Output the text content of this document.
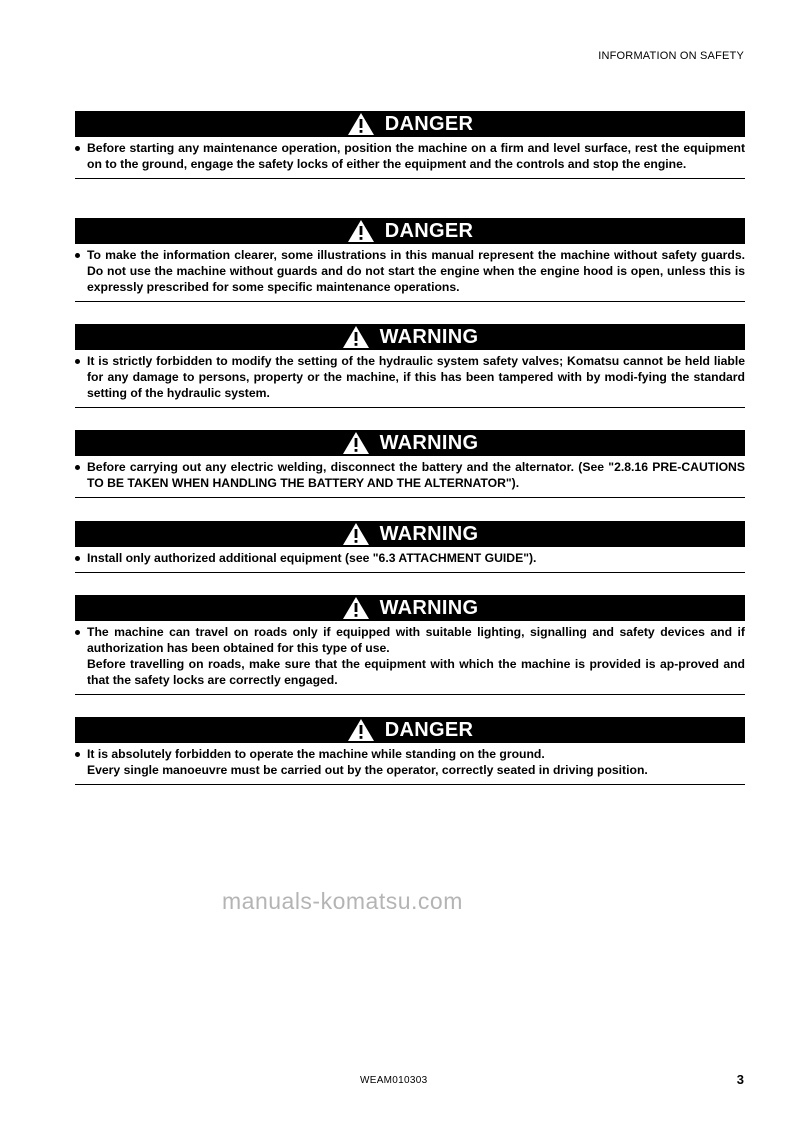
INFORMATION ON SAFETY
DANGER

Before starting any maintenance operation, position the machine on a firm and level surface, rest the equipment on to the ground, engage the safety locks of either the equipment and the controls and stop the engine.

DANGER

To make the information clearer, some illustrations in this manual represent the machine without safety guards. Do not use the machine without guards and do not start the engine when the engine hood is open, unless this is expressly prescribed for some specific maintenance operations.

WARNING

It is strictly forbidden to modify the setting of the hydraulic system safety valves; Komatsu cannot be held liable for any damage to persons, property or the machine, if this has been tampered with by modi-fying the standard setting of the hydraulic system.

WARNING

Before carrying out any electric welding, disconnect the battery and the alternator. (See "2.8.16 PRE-CAUTIONS TO BE TAKEN WHEN HANDLING THE BATTERY AND THE ALTERNATOR").

WARNING

Install only authorized additional equipment (see "6.3 ATTACHMENT GUIDE").

WARNING

The machine can travel on roads only if equipped with suitable lighting, signalling and safety devices and if authorization has been obtained for this type of use.

Before travelling on roads, make sure that the equipment with which the machine is provided is ap-proved and that the safety locks are correctly engaged.

DANGER

It is absolutely forbidden to operate the machine while standing on the ground.

Every single manoeuvre must be carried out by the operator, correctly seated in driving position.

manuals-komatsu.com
WEAM010303	3
